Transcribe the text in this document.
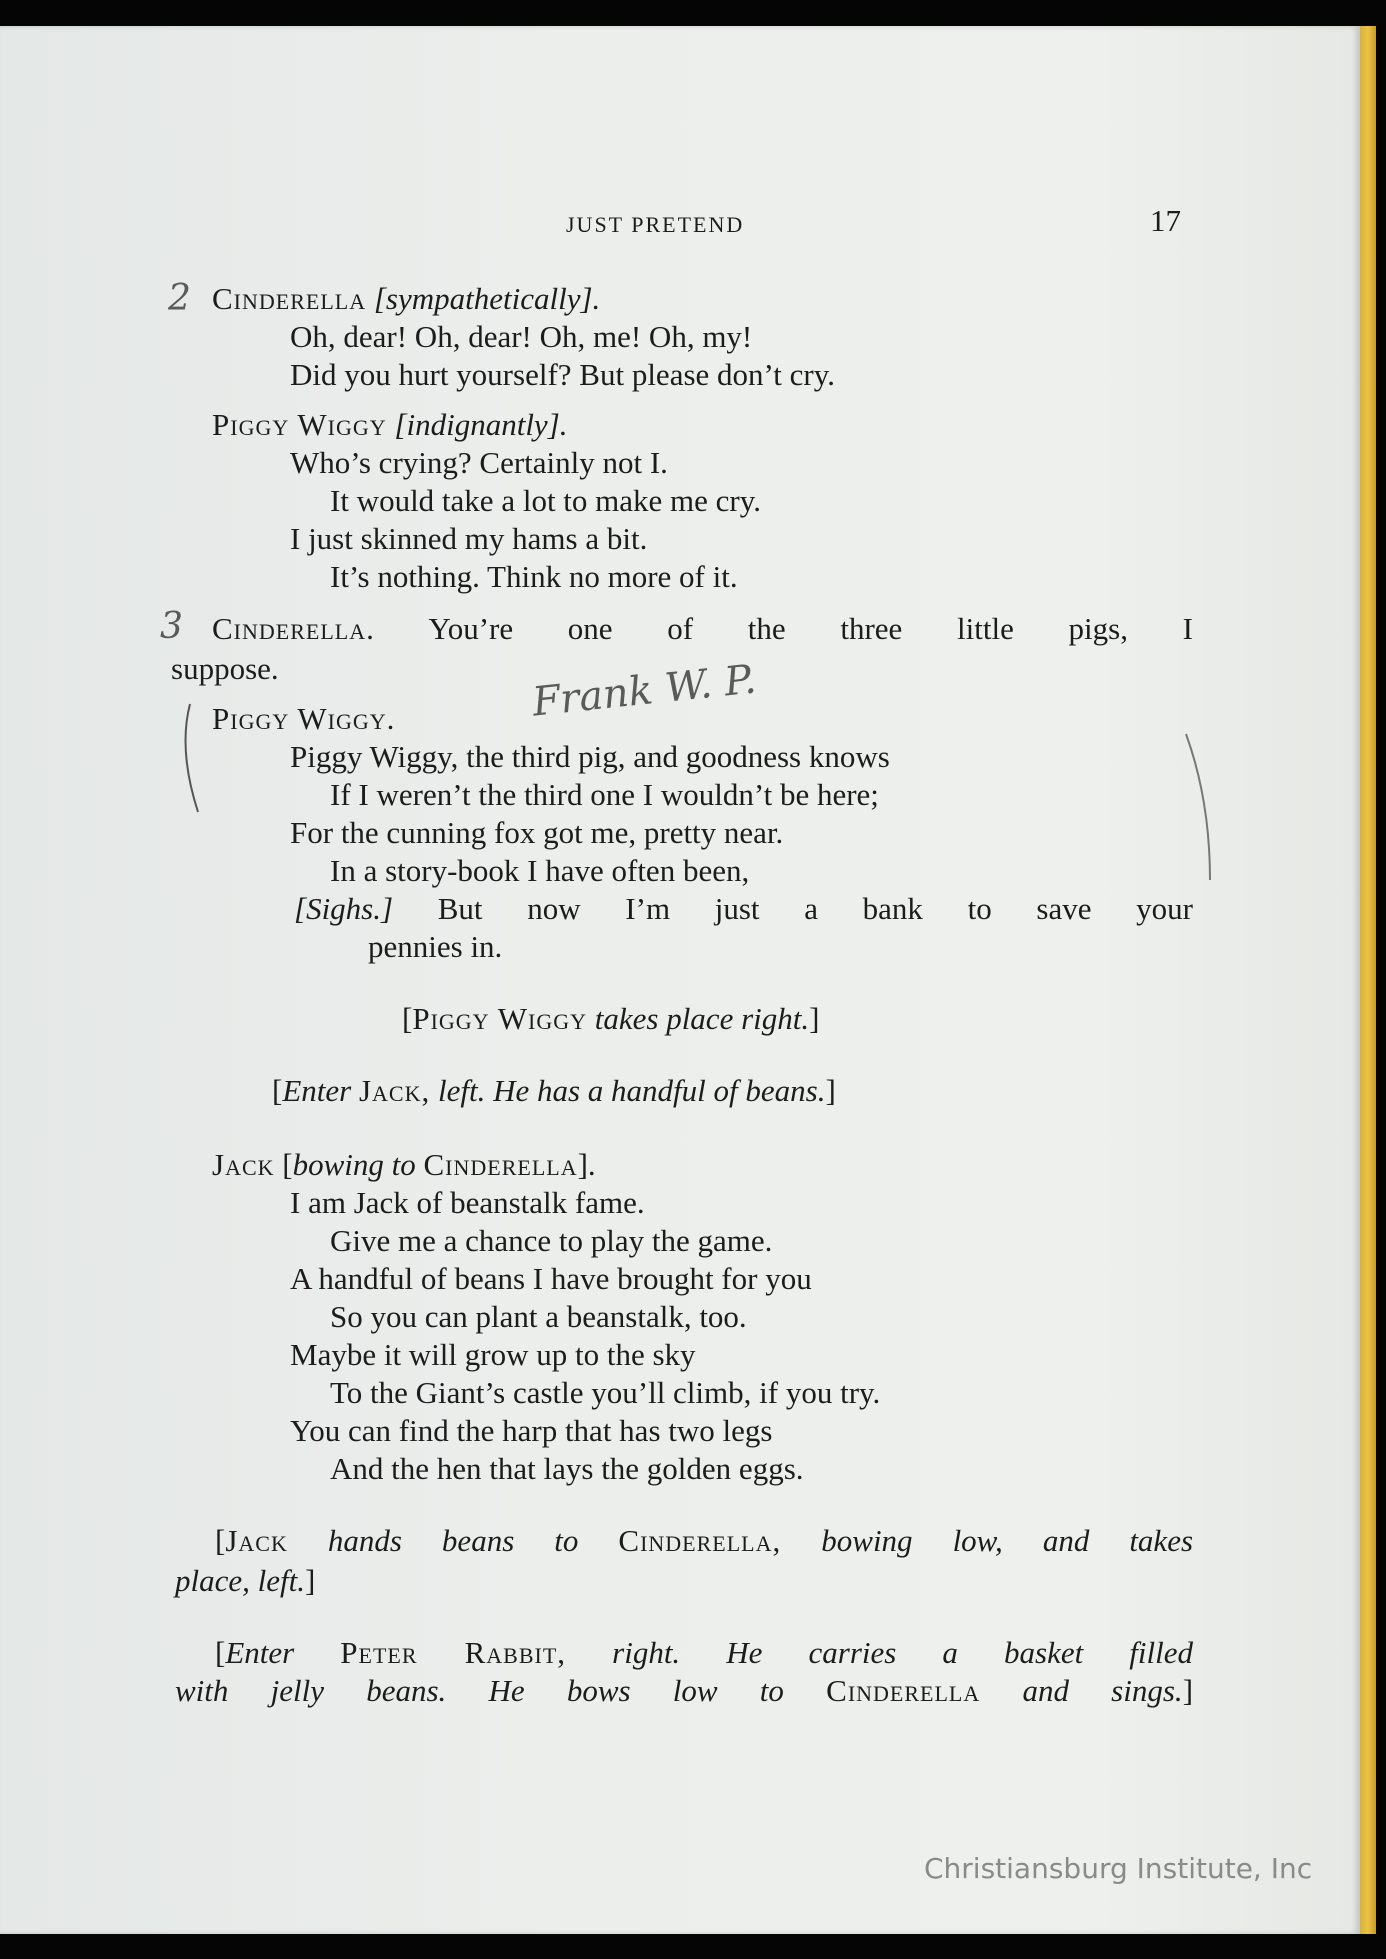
JUST PRETEND	17
2 Cinderella [sympathetically].
Oh, dear! Oh, dear! Oh, me! Oh, my!
Did you hurt yourself? But please don’t cry.
Piggy Wiggy [indignantly].
Who’s crying? Certainly not I.
It would take a lot to make me cry.
I just skinned my hams a bit.
It’s nothing. Think no more of it.
3 Cinderella. You’re one of the three little pigs, I
suppose.	Frank W. P.
Piggy Wiggy.
Piggy Wiggy, the third pig, and goodness knows
If I weren’t the third one I wouldn’t be here;
For the cunning fox got me, pretty near.
In a story-book I have often been,
[Sighs.] But now I’m just a bank to save your
pennies in.
[Piggy Wiggy takes place right.]
[Enter Jack, left. He has a handful of beans.]
Jack [bowing to Cinderella].
I am Jack of beanstalk fame.
Give me a chance to play the game.
A handful of beans I have brought for you
So you can plant a beanstalk, too.
Maybe it will grow up to the sky
To the Giant’s castle you’ll climb, if you try.
You can find the harp that has two legs
And the hen that lays the golden eggs.
[Jack hands beans to Cinderella, bowing low, and takes
place, left.]
[Enter Peter Rabbit, right. He carries a basket filled
with jelly beans. He bows low to Cinderella and sings.]
Christiansburg Institute, Inc
